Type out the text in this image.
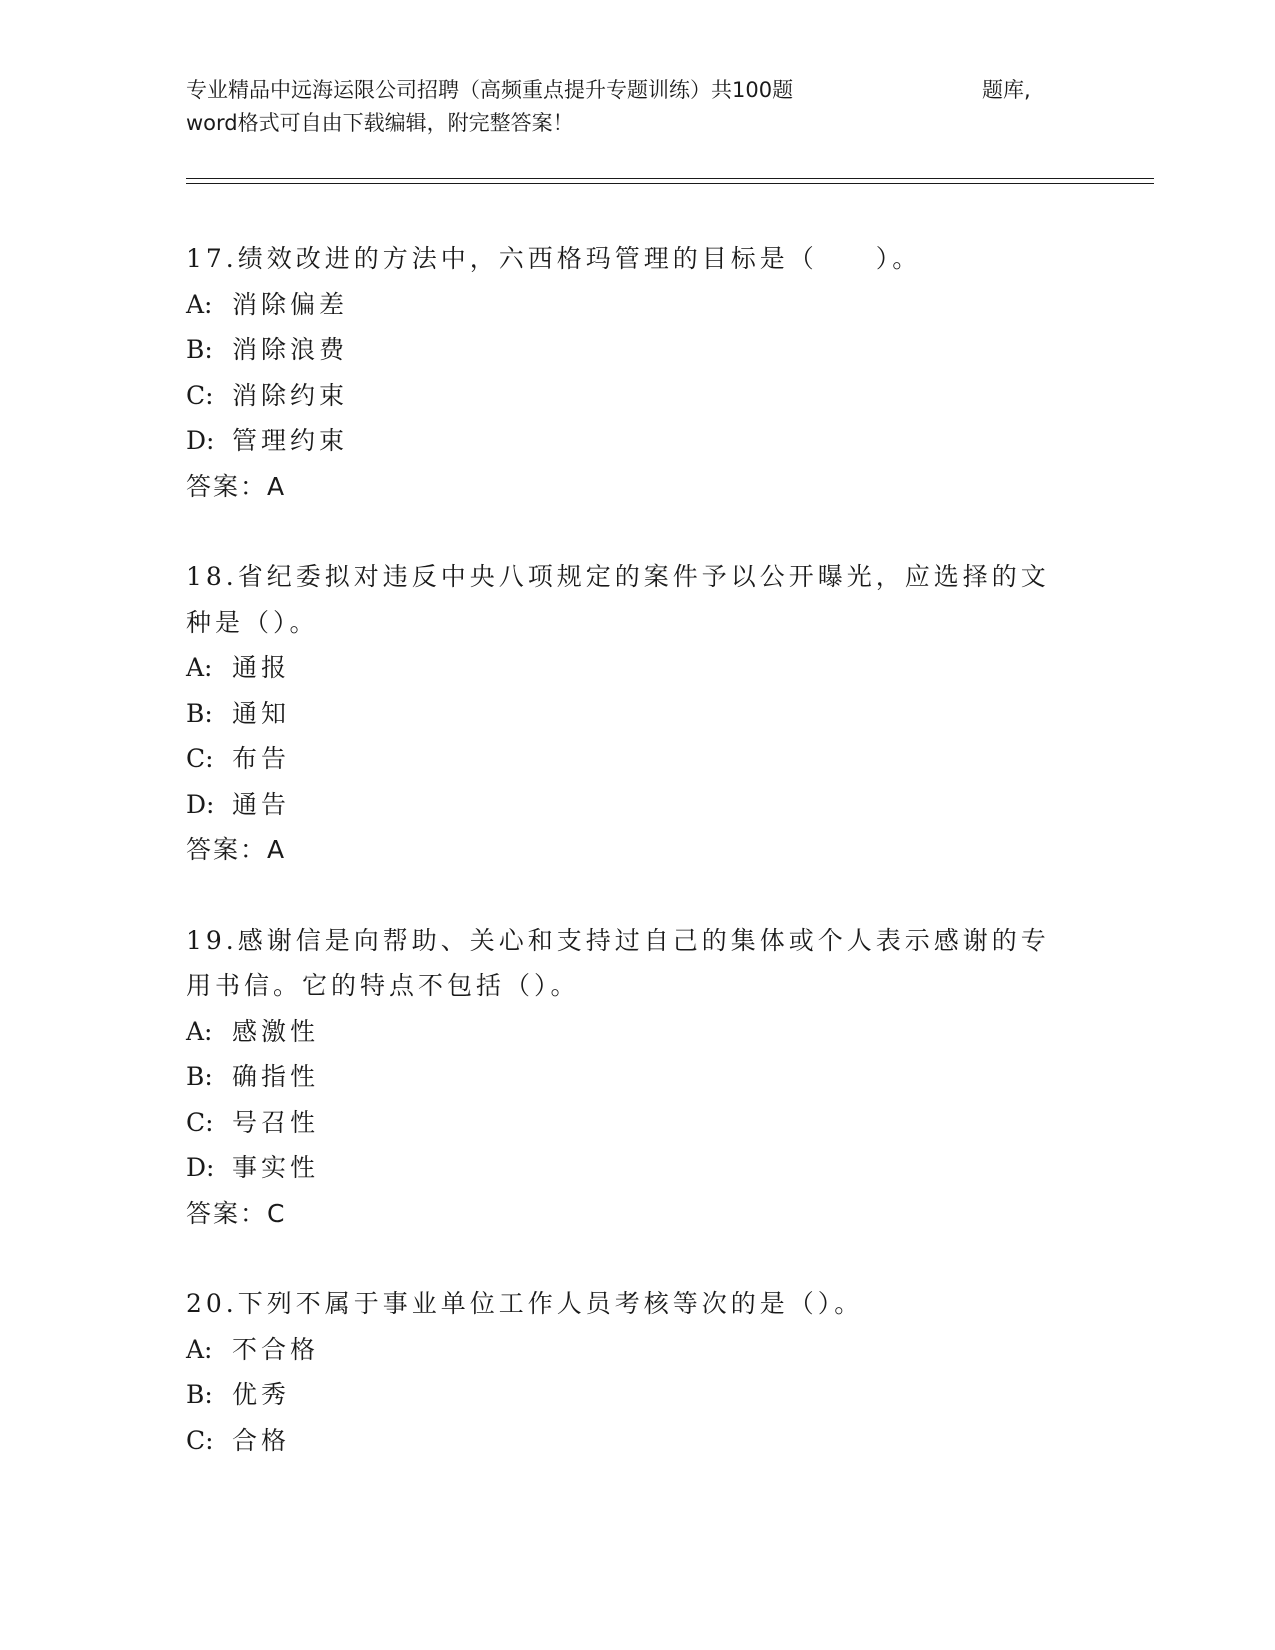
专业精品中远海运限公司招聘（高频重点提升专题训练）共100题	题库,
word格式可自由下载编辑，附完整答案！

17.绩效改进的方法中，六西格玛管理的目标是（　　）。

A: 消除偏差

B: 消除浪费

C: 消除约束

D: 管理约束

答案：A

18.省纪委拟对违反中央八项规定的案件予以公开曝光，应选择的文种是（）。

A: 通报

B: 通知

C: 布告

D: 通告

答案：A

19.感谢信是向帮助、关心和支持过自己的集体或个人表示感谢的专用书信。它的特点不包括（）。

A: 感激性

B: 确指性

C: 号召性

D: 事实性

答案：C

20.下列不属于事业单位工作人员考核等次的是（）。

A: 不合格

B: 优秀

C: 合格
